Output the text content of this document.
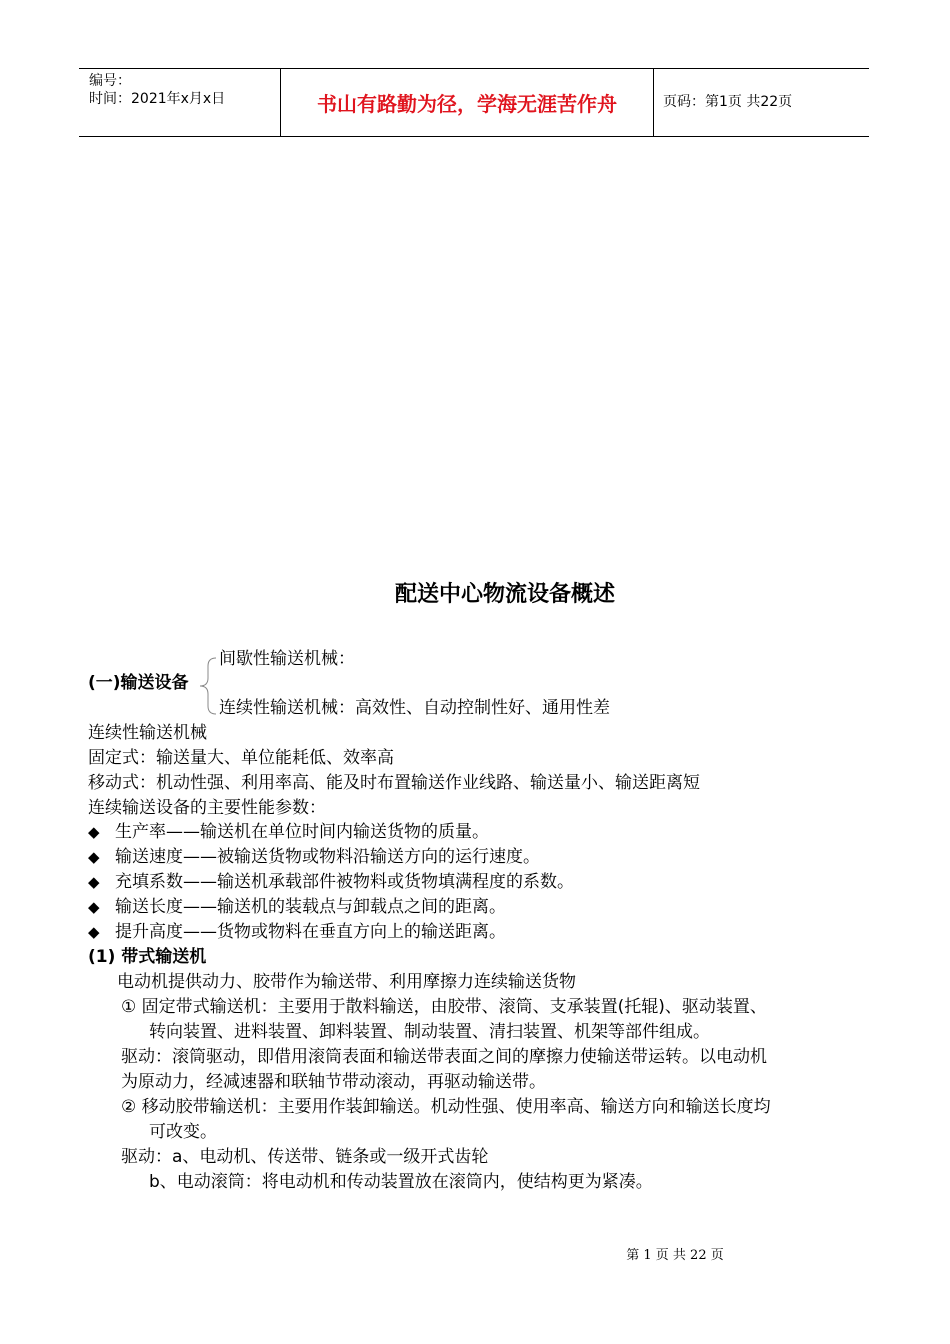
编号：
时间：2021年x月x日	书山有路勤为径，学海无涯苦作舟	页码：第1页 共22页
配送中心物流设备概述
间歇性输送机械：
(一)输送设备
连续性输送机械：高效性、自动控制性好、通用性差
连续性输送机械
固定式：输送量大、单位能耗低、效率高
移动式：机动性强、利用率高、能及时布置输送作业线路、输送量小、输送距离短
连续输送设备的主要性能参数：
◆ 生产率——输送机在单位时间内输送货物的质量。
◆ 输送速度——被输送货物或物料沿输送方向的运行速度。
◆ 充填系数——输送机承载部件被物料或货物填满程度的系数。
◆ 输送长度——输送机的装载点与卸载点之间的距离。
◆ 提升高度——货物或物料在垂直方向上的输送距离。
(1) 带式输送机
电动机提供动力、胶带作为输送带、利用摩擦力连续输送货物
① 固定带式输送机：主要用于散料输送，由胶带、滚筒、支承装置(托辊)、驱动装置、
转向装置、进料装置、卸料装置、制动装置、清扫装置、机架等部件组成。
驱动：滚筒驱动，即借用滚筒表面和输送带表面之间的摩擦力使输送带运转。以电动机
为原动力，经减速器和联轴节带动滚动，再驱动输送带。
② 移动胶带输送机：主要用作装卸输送。机动性强、使用率高、输送方向和输送长度均
可改变。
驱动：a、电动机、传送带、链条或一级开式齿轮
b、电动滚筒：将电动机和传动装置放在滚筒内，使结构更为紧凑。
第 1 页 共 22 页
